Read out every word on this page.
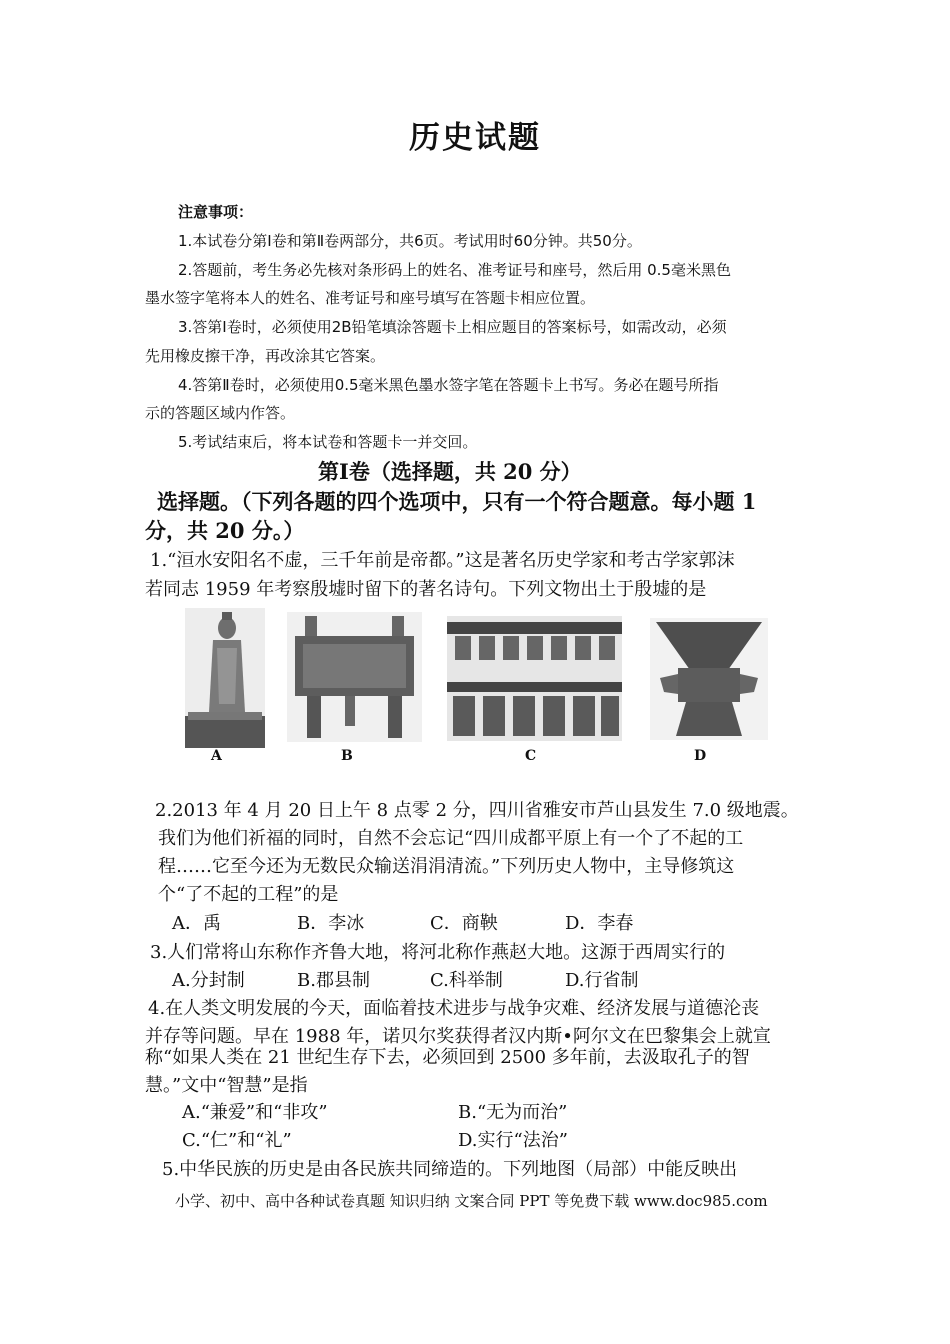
历史试题
注意事项：
1.本试卷分第Ⅰ卷和第Ⅱ卷两部分，共6页。考试用时60分钟。共50分。
2.答题前，考生务必先核对条形码上的姓名、准考证号和座号，然后用 0.5毫米黑色
墨水签字笔将本人的姓名、准考证号和座号填写在答题卡相应位置。
3.答第Ⅰ卷时，必须使用2B铅笔填涂答题卡上相应题目的答案标号，如需改动，必须
先用橡皮擦干净，再改涂其它答案。
4.答第Ⅱ卷时，必须使用0.5毫米黑色墨水签字笔在答题卡上书写。务必在题号所指
示的答题区域内作答。
5.考试结束后，将本试卷和答题卡一并交回。
第Ⅰ卷（选择题，共 20 分）
选择题。（下列各题的四个选项中，只有一个符合题意。每小题 1
分，共 20 分。）
1.“洹水安阳名不虚，三千年前是帝都。”这是著名历史学家和考古学家郭沫
若同志 1959 年考察殷墟时留下的著名诗句。下列文物出土于殷墟的是
A	B	C	D
2.2013 年 4 月 20 日上午 8 点零 2 分，四川省雅安市芦山县发生 7.0 级地震。
我们为他们祈福的同时，自然不会忘记“四川成都平原上有一个了不起的工
程……它至今还为无数民众输送涓涓清流。”下列历史人物中，主导修筑这
个“了不起的工程”的是
A．禹	B．李冰	C．商鞅	D．李春
3.人们常将山东称作齐鲁大地，将河北称作燕赵大地。这源于西周实行的
A.分封制	B.郡县制	C.科举制	D.行省制
4.在人类文明发展的今天，面临着技术进步与战争灾难、经济发展与道德沦丧
并存等问题。早在 1988 年，诺贝尔奖获得者汉内斯•阿尔文在巴黎集会上就宣
称“如果人类在 21 世纪生存下去，必须回到 2500 多年前，去汲取孔子的智
慧。”文中“智慧”是指
A.“兼爱”和“非攻”	B.“无为而治”
C.“仁”和“礼”	D.实行“法治”
5.中华民族的历史是由各民族共同缔造的。下列地图（局部）中能反映出
小学、初中、高中各种试卷真题 知识归纳 文案合同 PPT 等免费下载 www.doc985.com
